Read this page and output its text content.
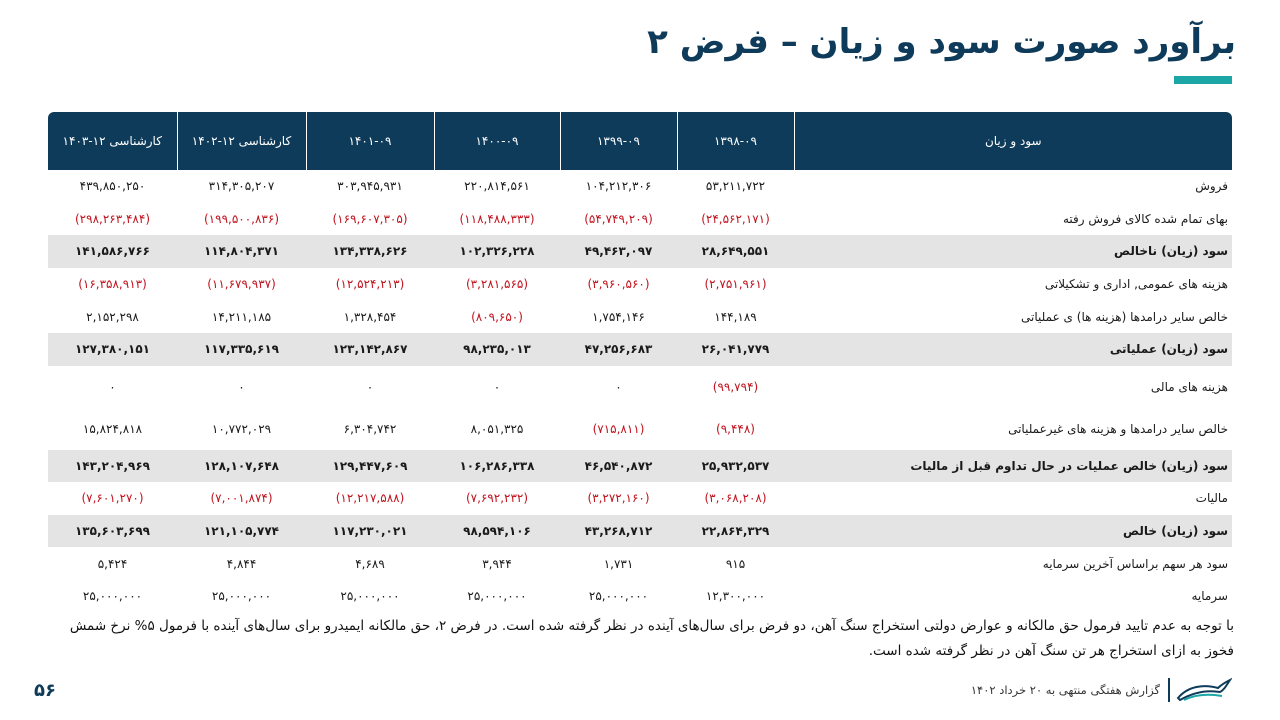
برآورد صورت سود و زیان – فرض ۲
سود و زیان	۱۳۹۸-۰۹	۱۳۹۹-۰۹	۱۴۰۰-۰۹	۱۴۰۱-۰۹	کارشناسی ۱۲-۱۴۰۲	کارشناسی ۱۲-۱۴۰۳
فروش	۵۳,۲۱۱,۷۲۲	۱۰۴,۲۱۲,۳۰۶	۲۲۰,۸۱۴,۵۶۱	۳۰۳,۹۴۵,۹۳۱	۳۱۴,۳۰۵,۲۰۷	۴۳۹,۸۵۰,۲۵۰
بهای تمام شده کالای فروش رفته	(۲۴,۵۶۲,۱۷۱)	(۵۴,۷۴۹,۲۰۹)	(۱۱۸,۴۸۸,۳۳۳)	(۱۶۹,۶۰۷,۳۰۵)	(۱۹۹,۵۰۰,۸۳۶)	(۲۹۸,۲۶۳,۴۸۴)
سود (زیان) ناخالص	۲۸,۶۴۹,۵۵۱	۴۹,۴۶۳,۰۹۷	۱۰۲,۳۲۶,۲۲۸	۱۳۴,۳۳۸,۶۲۶	۱۱۴,۸۰۴,۳۷۱	۱۴۱,۵۸۶,۷۶۶
هزینه های عمومی, اداری و تشکیلاتی	(۲,۷۵۱,۹۶۱)	(۳,۹۶۰,۵۶۰)	(۳,۲۸۱,۵۶۵)	(۱۲,۵۲۴,۲۱۳)	(۱۱,۶۷۹,۹۳۷)	(۱۶,۳۵۸,۹۱۳)
خالص سایر درامدها (هزینه ها) ی عملیاتی	۱۴۴,۱۸۹	۱,۷۵۴,۱۴۶	(۸۰۹,۶۵۰)	۱,۳۲۸,۴۵۴	۱۴,۲۱۱,۱۸۵	۲,۱۵۲,۲۹۸
سود (زیان) عملیاتی	۲۶,۰۴۱,۷۷۹	۴۷,۲۵۶,۶۸۳	۹۸,۲۳۵,۰۱۳	۱۲۳,۱۴۲,۸۶۷	۱۱۷,۳۳۵,۶۱۹	۱۲۷,۳۸۰,۱۵۱
هزینه های مالی	(۹۹,۷۹۴)	۰	۰	۰	۰	۰
خالص سایر درامدها و هزینه های غیرعملیاتی	(۹,۴۴۸)	(۷۱۵,۸۱۱)	۸,۰۵۱,۳۲۵	۶,۳۰۴,۷۴۲	۱۰,۷۷۲,۰۲۹	۱۵,۸۲۴,۸۱۸
سود (زیان) خالص عملیات در حال تداوم قبل از مالیات	۲۵,۹۳۲,۵۳۷	۴۶,۵۴۰,۸۷۲	۱۰۶,۲۸۶,۳۳۸	۱۲۹,۴۴۷,۶۰۹	۱۲۸,۱۰۷,۶۴۸	۱۴۳,۲۰۴,۹۶۹
مالیات	(۳,۰۶۸,۲۰۸)	(۳,۲۷۲,۱۶۰)	(۷,۶۹۲,۲۳۲)	(۱۲,۲۱۷,۵۸۸)	(۷,۰۰۱,۸۷۴)	(۷,۶۰۱,۲۷۰)
سود (زیان) خالص	۲۲,۸۶۴,۳۲۹	۴۳,۲۶۸,۷۱۲	۹۸,۵۹۴,۱۰۶	۱۱۷,۲۳۰,۰۲۱	۱۲۱,۱۰۵,۷۷۴	۱۳۵,۶۰۳,۶۹۹
سود هر سهم براساس آخرین سرمایه	۹۱۵	۱,۷۳۱	۳,۹۴۴	۴,۶۸۹	۴,۸۴۴	۵,۴۲۴
سرمایه	۱۲,۳۰۰,۰۰۰	۲۵,۰۰۰,۰۰۰	۲۵,۰۰۰,۰۰۰	۲۵,۰۰۰,۰۰۰	۲۵,۰۰۰,۰۰۰	۲۵,۰۰۰,۰۰۰
با توجه به عدم تایید فرمول حق مالکانه و عوارض دولتی استخراج سنگ آهن، دو فرض برای سال‌های آینده در نظر گرفته شده است. در فرض ۲، حق مالکانه ایمیدرو برای سال‌های آینده با فرمول ۵% نرخ شمش فخوز به ازای استخراج هر تن سنگ آهن در نظر گرفته شده است.
گزارش هفتگی منتهی به ۲۰ خرداد ۱۴۰۲
۵۶
